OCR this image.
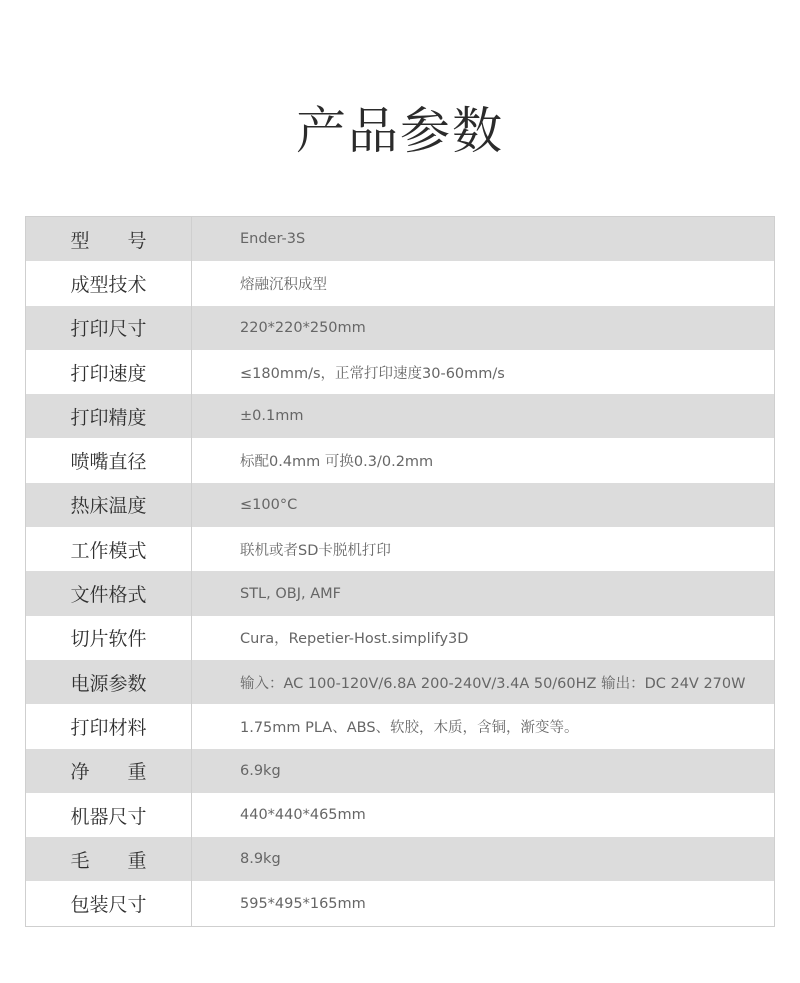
产品参数
型　　号	Ender-3S
成型技术	熔融沉积成型
打印尺寸	220*220*250mm
打印速度	≤180mm/s，正常打印速度30-60mm/s
打印精度	±0.1mm
喷嘴直径	标配0.4mm 可换0.3/0.2mm
热床温度	≤100°C
工作模式	联机或者SD卡脱机打印
文件格式	STL, OBJ, AMF
切片软件	Cura，Repetier-Host.simplify3D
电源参数	输入：AC 100-120V/6.8A 200-240V/3.4A 50/60HZ 输出：DC 24V 270W
打印材料	1.75mm PLA、ABS、软胶，木质，含铜，渐变等。
净　　重	6.9kg
机器尺寸	440*440*465mm
毛　　重	8.9kg
包装尺寸	595*495*165mm
